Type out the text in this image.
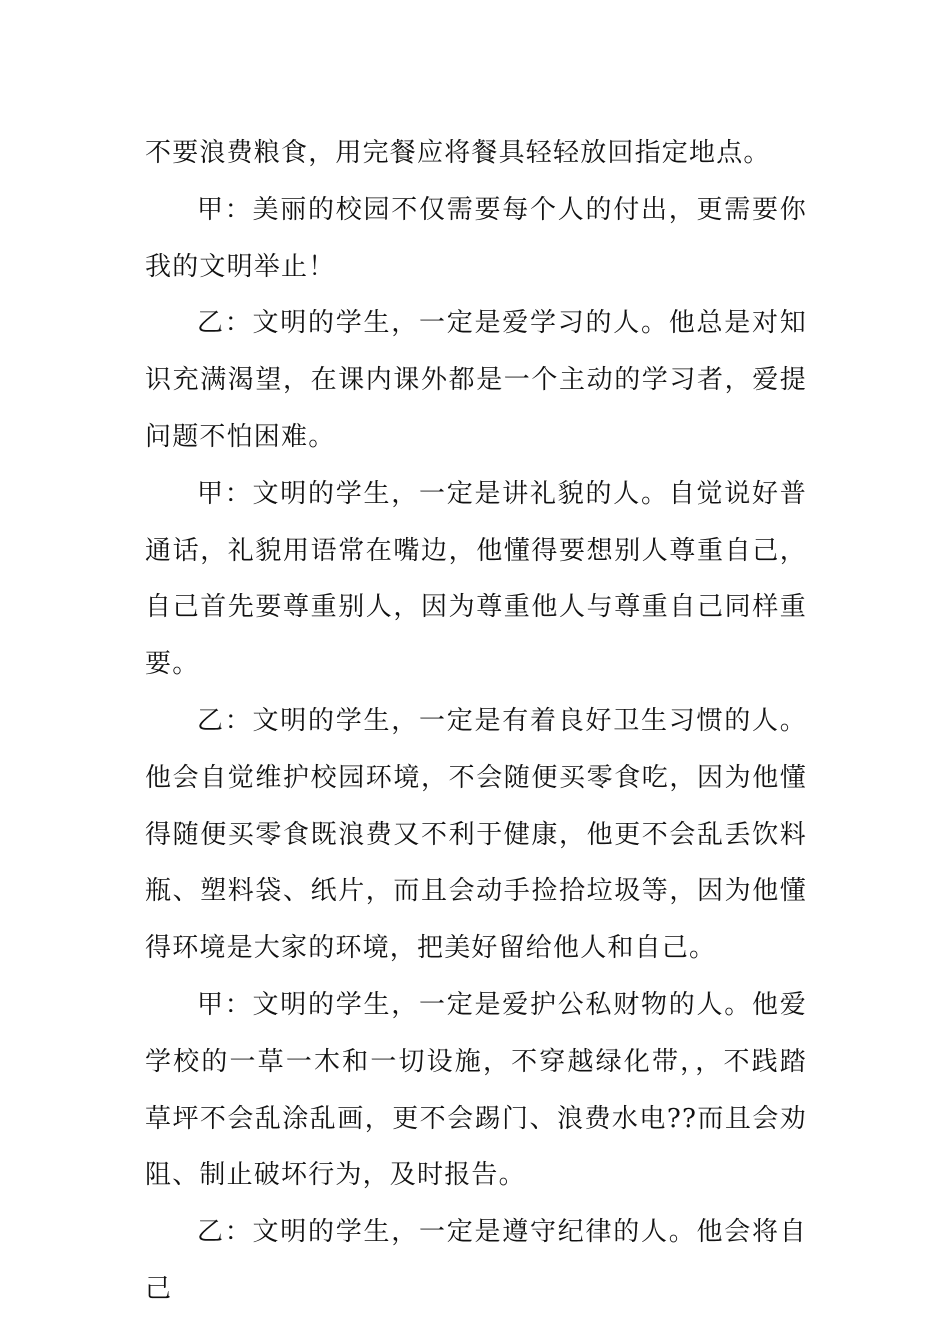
不要浪费粮食，用完餐应将餐具轻轻放回指定地点。

甲：美丽的校园不仅需要每个人的付出，更需要你我的文明举止！

乙：文明的学生，一定是爱学习的人。他总是对知识充满渴望，在课内课外都是一个主动的学习者，爱提问题不怕困难。

甲：文明的学生，一定是讲礼貌的人。自觉说好普通话，礼貌用语常在嘴边，他懂得要想别人尊重自己，自己首先要尊重别人，因为尊重他人与尊重自己同样重要。

乙：文明的学生，一定是有着良好卫生习惯的人。他会自觉维护校园环境，不会随便买零食吃，因为他懂得随便买零食既浪费又不利于健康，他更不会乱丢饮料瓶、塑料袋、纸片，而且会动手捡拾垃圾等，因为他懂得环境是大家的环境，把美好留给他人和自己。

甲：文明的学生，一定是爱护公私财物的人。他爱学校的一草一木和一切设施，不穿越绿化带，，不践踏草坪不会乱涂乱画，更不会踢门、浪费水电??而且会劝阻、制止破坏行为，及时报告。

乙：文明的学生，一定是遵守纪律的人。他会将自己
